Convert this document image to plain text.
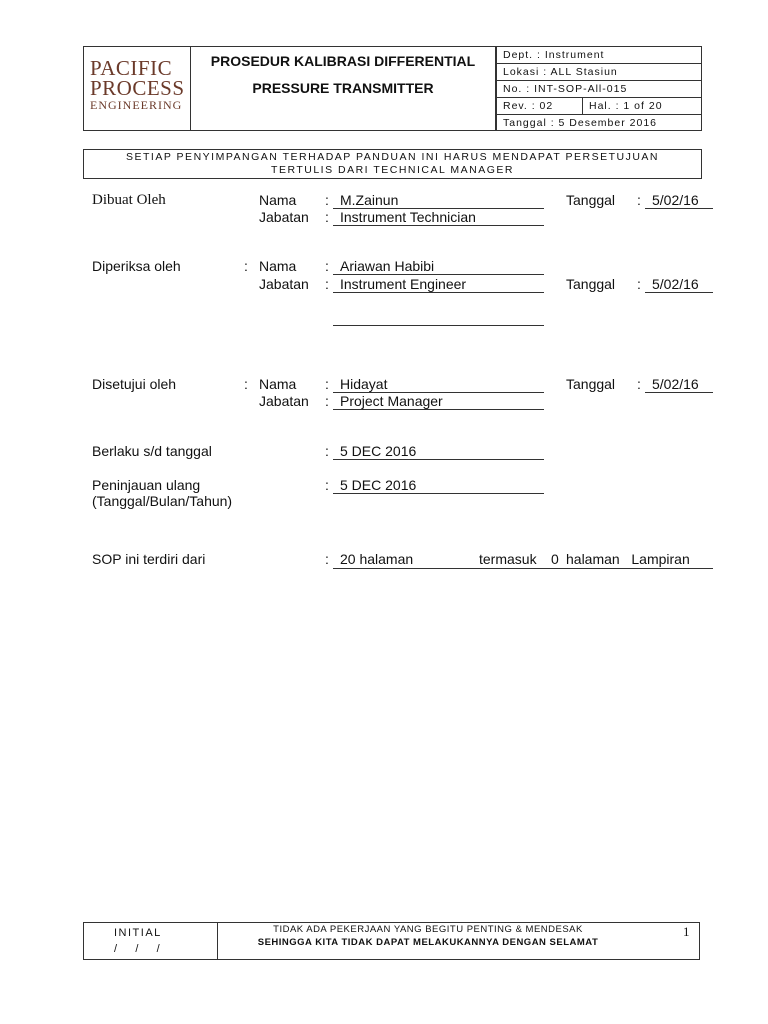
PACIFIC
PROCESS
ENGINEERING
PROSEDUR KALIBRASI DIFFERENTIAL
PRESSURE TRANSMITTER
Dept. : Instrument
Lokasi : ALL Stasiun
No. : INT-SOP-All-015
Rev. : 02	Hal. : 1 of 20
Tanggal : 5 Desember 2016
SETIAP PENYIMPANGAN TERHADAP PANDUAN INI HARUS MENDAPAT PERSETUJUAN
TERTULIS DARI TECHNICAL MANAGER
Dibuat Oleh	Nama : M.Zainun
Jabatan : Instrument Technician
Tanggal : 5/02/16
Diperiksa oleh	: Nama : Ariawan Habibi
Jabatan : Instrument Engineer	Tanggal : 5/02/16
Disetujui oleh	: Nama : Hidayat
Jabatan : Project Manager
Tanggal : 5/02/16
Berlaku s/d tanggal	: 5 DEC 2016
Peninjauan ulang
(Tanggal/Bulan/Tahun)
: 5 DEC 2016
SOP ini terdiri dari	: 20 halaman	termasuk 0 halaman   Lampiran
INITIAL
/     /     /
TIDAK ADA PEKERJAAN YANG BEGITU PENTING & MENDESAK
SEHINGGA KITA TIDAK DAPAT MELAKUKANNYA DENGAN SELAMAT
1
